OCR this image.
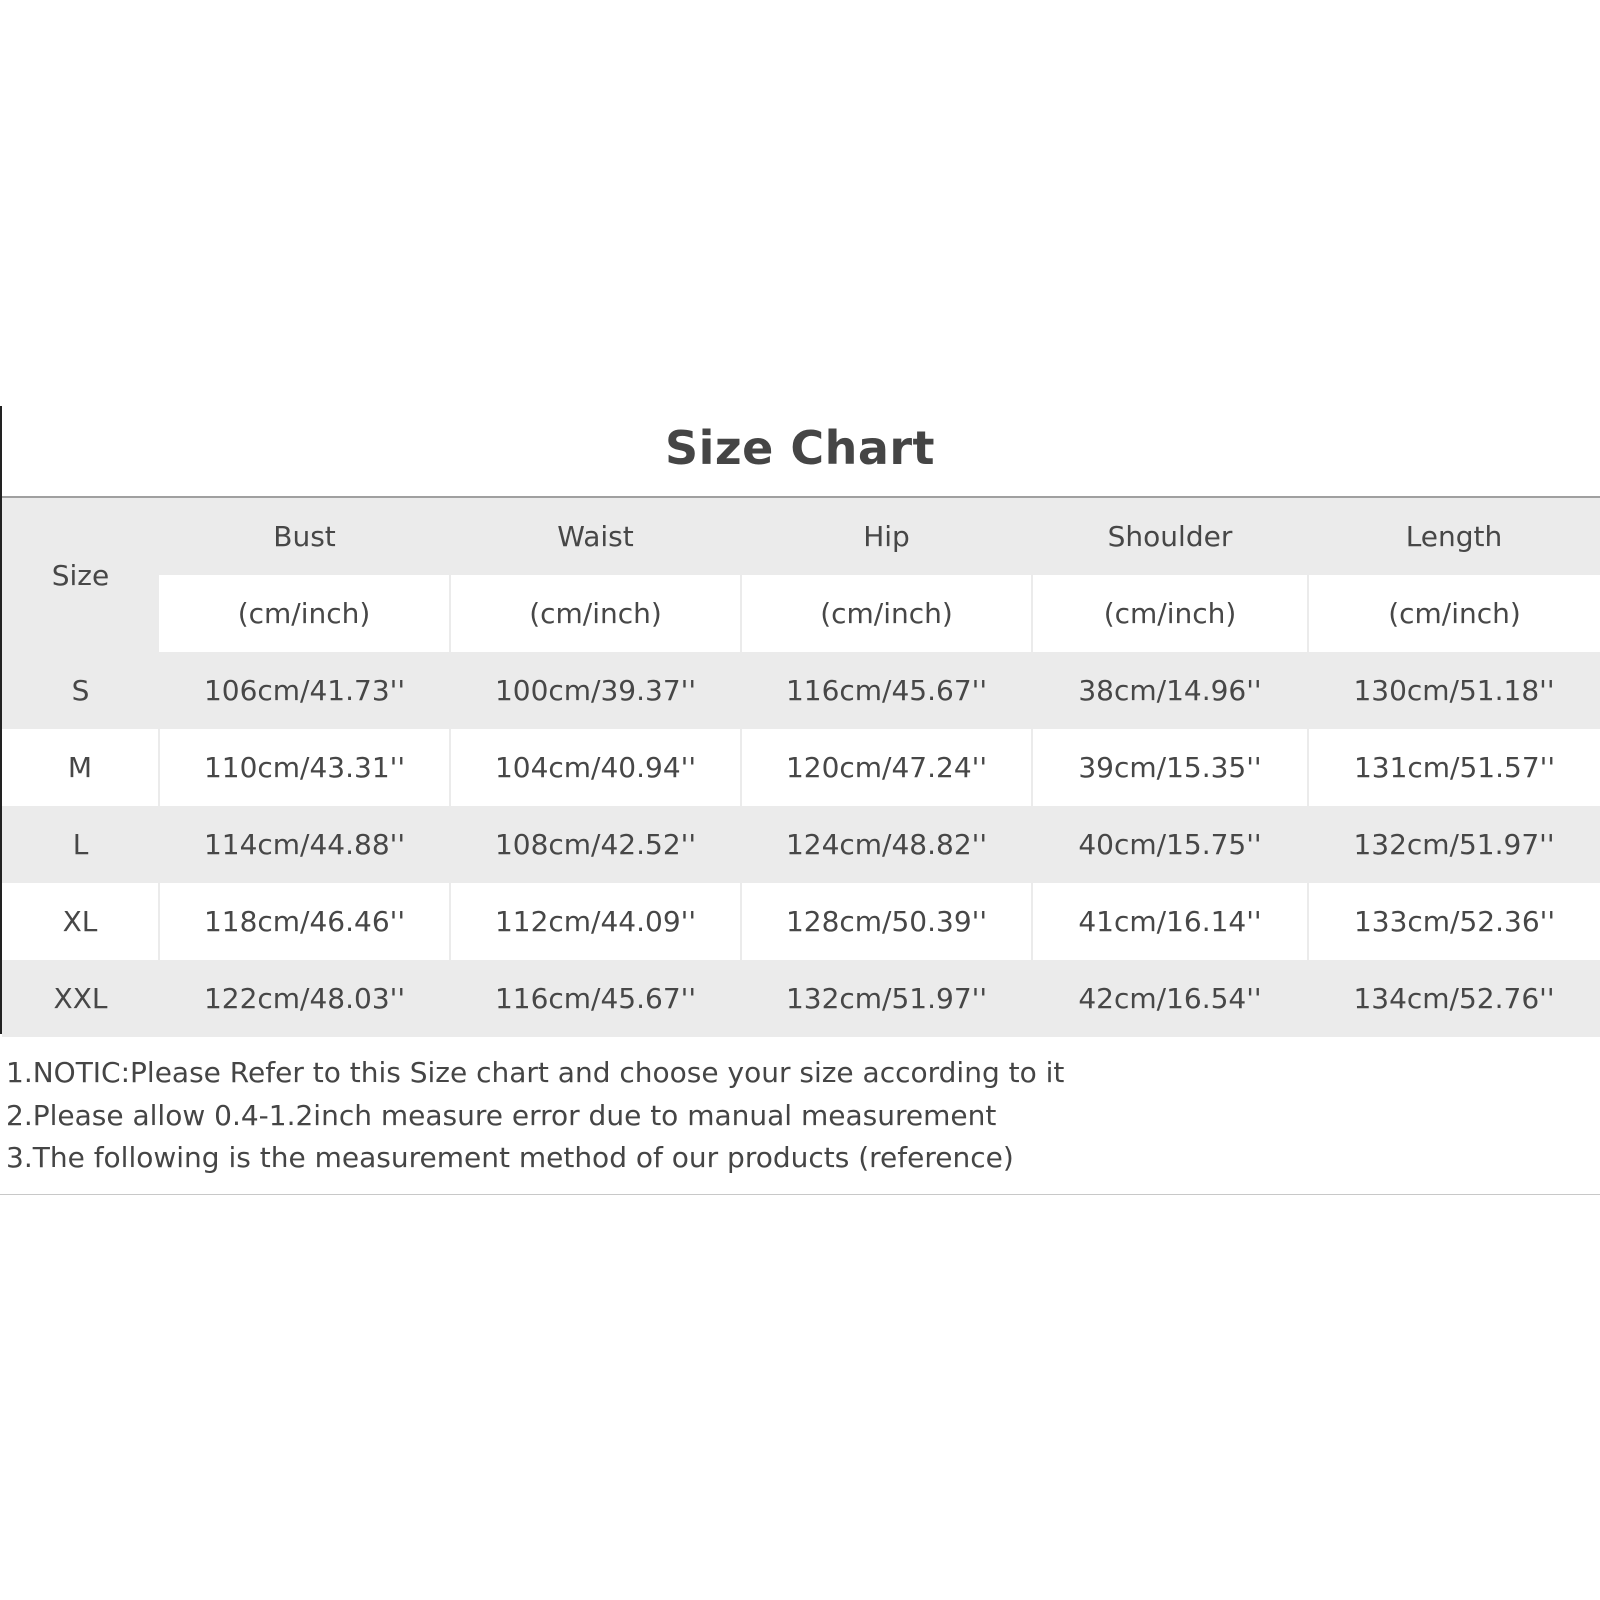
Size Chart
Size	Bust	Waist	Hip	Shoulder	Length
	(cm/inch)	(cm/inch)	(cm/inch)	(cm/inch)	(cm/inch)
S	106cm/41.73''	100cm/39.37''	116cm/45.67''	38cm/14.96''	130cm/51.18''
M	110cm/43.31''	104cm/40.94''	120cm/47.24''	39cm/15.35''	131cm/51.57''
L	114cm/44.88''	108cm/42.52''	124cm/48.82''	40cm/15.75''	132cm/51.97''
XL	118cm/46.46''	112cm/44.09''	128cm/50.39''	41cm/16.14''	133cm/52.36''
XXL	122cm/48.03''	116cm/45.67''	132cm/51.97''	42cm/16.54''	134cm/52.76''
1.NOTIC:Please Refer to this Size chart and choose your size according to it
2.Please allow 0.4-1.2inch measure error due to manual measurement
3.The following is the measurement method of our products (reference)
